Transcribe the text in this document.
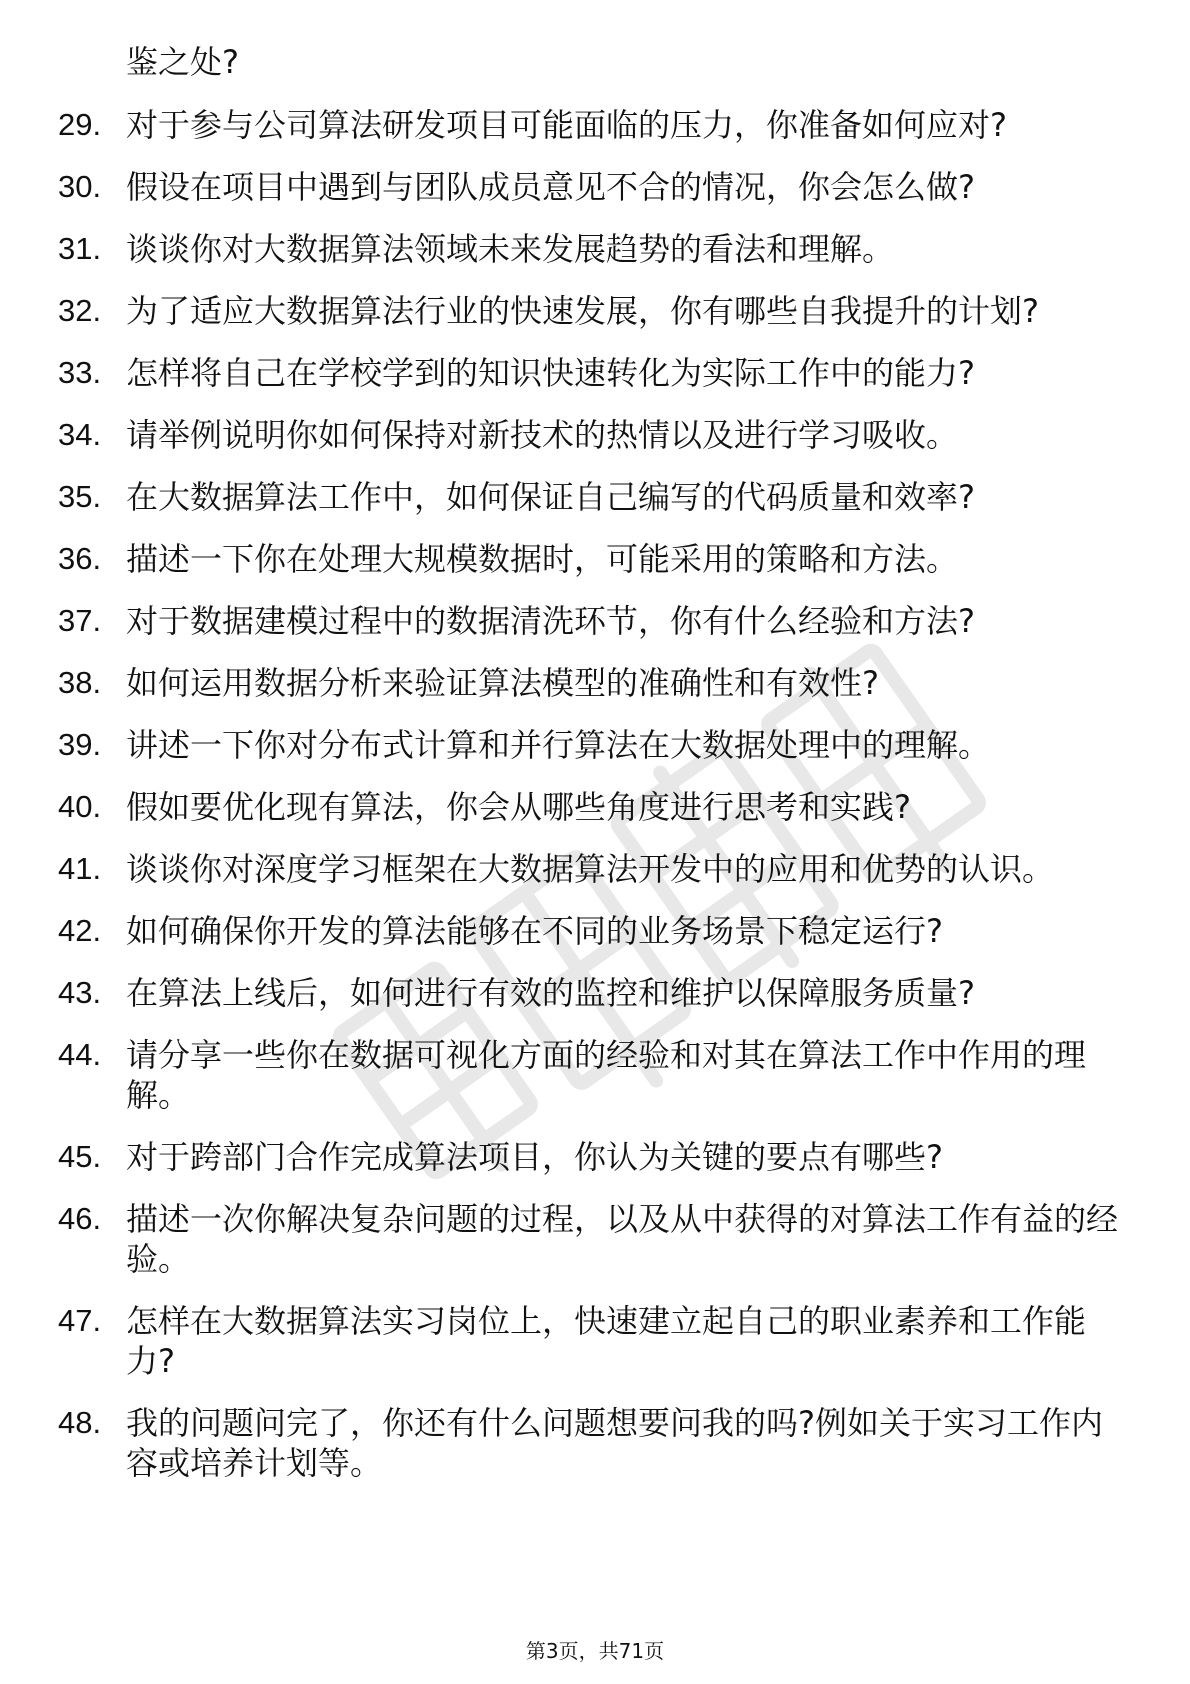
鉴之处?
29. 对于参与公司算法研发项目可能面临的压力，你准备如何应对?
30. 假设在项目中遇到与团队成员意见不合的情况，你会怎么做?
31. 谈谈你对大数据算法领域未来发展趋势的看法和理解。
32. 为了适应大数据算法行业的快速发展，你有哪些自我提升的计划?
33. 怎样将自己在学校学到的知识快速转化为实际工作中的能力?
34. 请举例说明你如何保持对新技术的热情以及进行学习吸收。
35. 在大数据算法工作中，如何保证自己编写的代码质量和效率?
36. 描述一下你在处理大规模数据时，可能采用的策略和方法。
37. 对于数据建模过程中的数据清洗环节，你有什么经验和方法?
38. 如何运用数据分析来验证算法模型的准确性和有效性?
39. 讲述一下你对分布式计算和并行算法在大数据处理中的理解。
40. 假如要优化现有算法，你会从哪些角度进行思考和实践?
41. 谈谈你对深度学习框架在大数据算法开发中的应用和优势的认识。
42. 如何确保你开发的算法能够在不同的业务场景下稳定运行?
43. 在算法上线后，如何进行有效的监控和维护以保障服务质量?
44. 请分享一些你在数据可视化方面的经验和对其在算法工作中作用的理解。
45. 对于跨部门合作完成算法项目，你认为关键的要点有哪些?
46. 描述一次你解决复杂问题的过程，以及从中获得的对算法工作有益的经验。
47. 怎样在大数据算法实习岗位上，快速建立起自己的职业素养和工作能力?
48. 我的问题问完了，你还有什么问题想要问我的吗?例如关于实习工作内容或培养计划等。
第3页，共71页
